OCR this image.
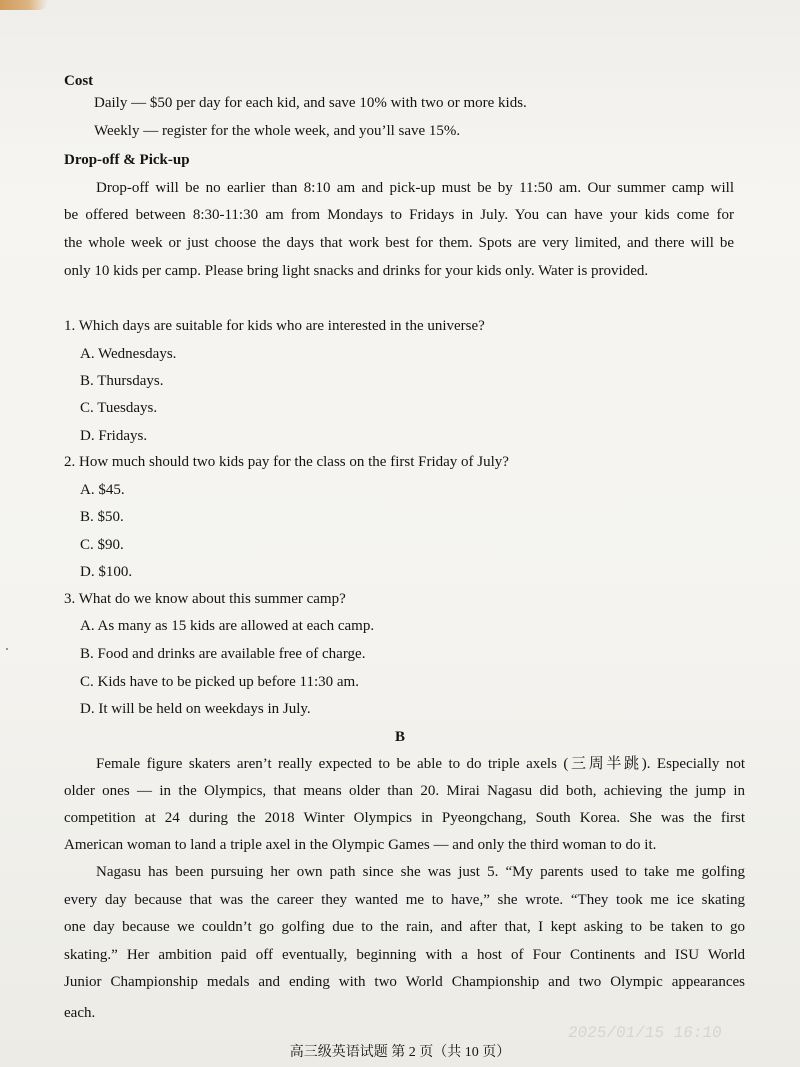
Cost
Daily — $50 per day for each kid, and save 10% with two or more kids.
Weekly — register for the whole week, and you’ll save 15%.
Drop-off & Pick-up
Drop-off will be no earlier than 8:10 am and pick-up must be by 11:50 am. Our summer camp will
be offered between 8:30-11:30 am from Mondays to Fridays in July. You can have your kids come for
the whole week or just choose the days that work best for them. Spots are very limited, and there will be
only 10 kids per camp. Please bring light snacks and drinks for your kids only. Water is provided.
1. Which days are suitable for kids who are interested in the universe?
A. Wednesdays.
B. Thursdays.
C. Tuesdays.
D. Fridays.
2. How much should two kids pay for the class on the first Friday of July?
A. $45.
B. $50.
C. $90.
D. $100.
3. What do we know about this summer camp?
A. As many as 15 kids are allowed at each camp.
B. Food and drinks are available free of charge.
C. Kids have to be picked up before 11:30 am.
D. It will be held on weekdays in July.
B
Female figure skaters aren’t really expected to be able to do triple axels (三周半跳). Especially not
older ones — in the Olympics, that means older than 20. Mirai Nagasu did both, achieving the jump in
competition at 24 during the 2018 Winter Olympics in Pyeongchang, South Korea. She was the first
American woman to land a triple axel in the Olympic Games — and only the third woman to do it.
Nagasu has been pursuing her own path since she was just 5. “My parents used to take me golfing
every day because that was the career they wanted me to have,” she wrote. “They took me ice skating
one day because we couldn’t go golfing due to the rain, and after that, I kept asking to be taken to go
skating.” Her ambition paid off eventually, beginning with a host of Four Continents and ISU World
Junior Championship medals and ending with two World Championship and two Olympic appearances
each.
2025/01/15 16:10
高三级英语试题 第 2 页（共 10 页）
